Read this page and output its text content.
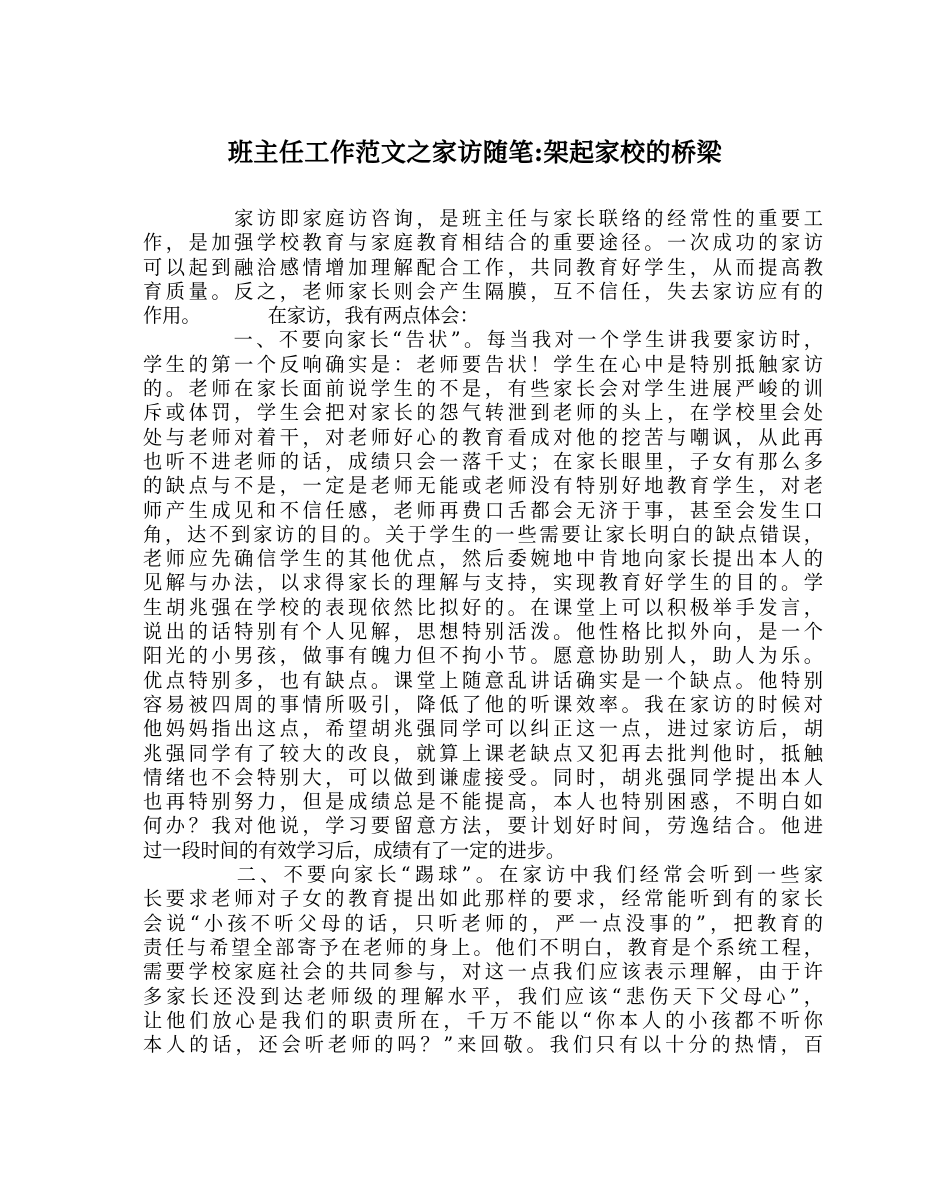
班主任工作范文之家访随笔:架起家校的桥梁
　　　　家访即家庭访咨询，是班主任与家长联络的经常性的重要工
作，是加强学校教育与家庭教育相结合的重要途径。一次成功的家访
可以起到融洽感情增加理解配合工作，共同教育好学生，从而提高教
育质量。反之，老师家长则会产生隔膜，互不信任，失去家访应有的
作用。　　　　在家访，我有两点体会：
　　　　一、不要向家长“告状”。每当我对一个学生讲我要家访时，
学生的第一个反响确实是：老师要告状！学生在心中是特别抵触家访
的。老师在家长面前说学生的不是，有些家长会对学生进展严峻的训
斥或体罚，学生会把对家长的怨气转泄到老师的头上，在学校里会处
处与老师对着干，对老师好心的教育看成对他的挖苦与嘲讽，从此再
也听不进老师的话，成绩只会一落千丈；在家长眼里，子女有那么多
的缺点与不是，一定是老师无能或老师没有特别好地教育学生，对老
师产生成见和不信任感，老师再费口舌都会无济于事，甚至会发生口
角，达不到家访的目的。关于学生的一些需要让家长明白的缺点错误，
老师应先确信学生的其他优点，然后委婉地中肯地向家长提出本人的
见解与办法，以求得家长的理解与支持，实现教育好学生的目的。学
生胡兆强在学校的表现依然比拟好的。在课堂上可以积极举手发言，
说出的话特别有个人见解，思想特别活泼。他性格比拟外向，是一个
阳光的小男孩，做事有魄力但不拘小节。愿意协助别人，助人为乐。
优点特别多，也有缺点。课堂上随意乱讲话确实是一个缺点。他特别
容易被四周的事情所吸引，降低了他的听课效率。我在家访的时候对
他妈妈指出这点，希望胡兆强同学可以纠正这一点，进过家访后，胡
兆强同学有了较大的改良，就算上课老缺点又犯再去批判他时，抵触
情绪也不会特别大，可以做到谦虚接受。同时，胡兆强同学提出本人
也再特别努力，但是成绩总是不能提高，本人也特别困惑，不明白如
何办？我对他说，学习要留意方法，要计划好时间，劳逸结合。他进
过一段时间的有效学习后，成绩有了一定的进步。
　　　　二、不要向家长“踢球”。在家访中我们经常会听到一些家
长要求老师对子女的教育提出如此那样的要求，经常能听到有的家长
会说“小孩不听父母的话，只听老师的，严一点没事的”，把教育的
责任与希望全部寄予在老师的身上。他们不明白，教育是个系统工程，
需要学校家庭社会的共同参与，对这一点我们应该表示理解，由于许
多家长还没到达老师级的理解水平，我们应该“悲伤天下父母心”，
让他们放心是我们的职责所在，千万不能以“你本人的小孩都不听你
本人的话，还会听老师的吗？”来回敬。我们只有以十分的热情，百
